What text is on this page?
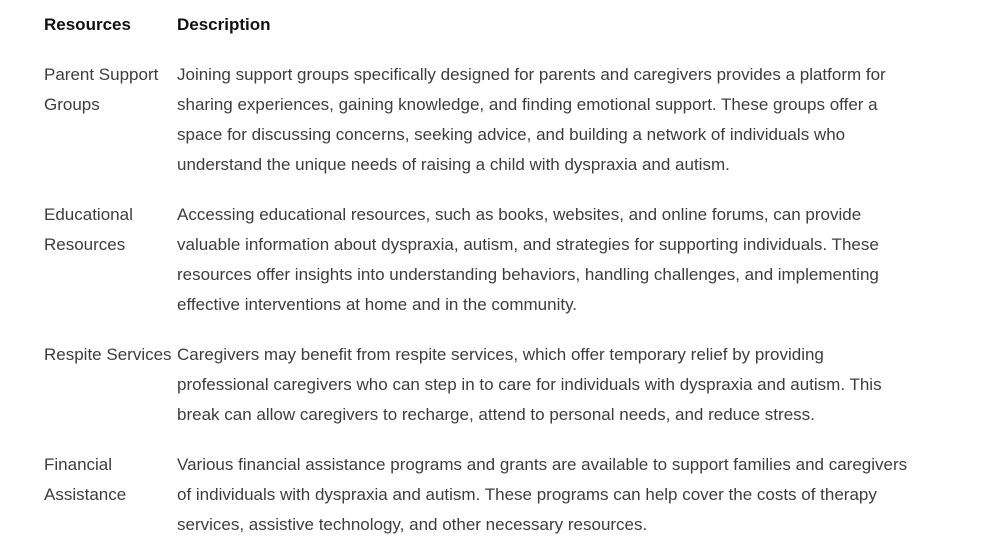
Resources	Description
Parent Support Groups
Joining support groups specifically designed for parents and caregivers provides a platform for sharing experiences, gaining knowledge, and finding emotional support. These groups offer a space for discussing concerns, seeking advice, and building a network of individuals who understand the unique needs of raising a child with dyspraxia and autism.
Educational Resources
Accessing educational resources, such as books, websites, and online forums, can provide valuable information about dyspraxia, autism, and strategies for supporting individuals. These resources offer insights into understanding behaviors, handling challenges, and implementing effective interventions at home and in the community.
Respite Services Caregivers may benefit from respite services, which offer temporary relief by providing professional caregivers who can step in to care for individuals with dyspraxia and autism. This break can allow caregivers to recharge, attend to personal needs, and reduce stress.
Financial Assistance
Various financial assistance programs and grants are available to support families and caregivers of individuals with dyspraxia and autism. These programs can help cover the costs of therapy services, assistive technology, and other necessary resources.
